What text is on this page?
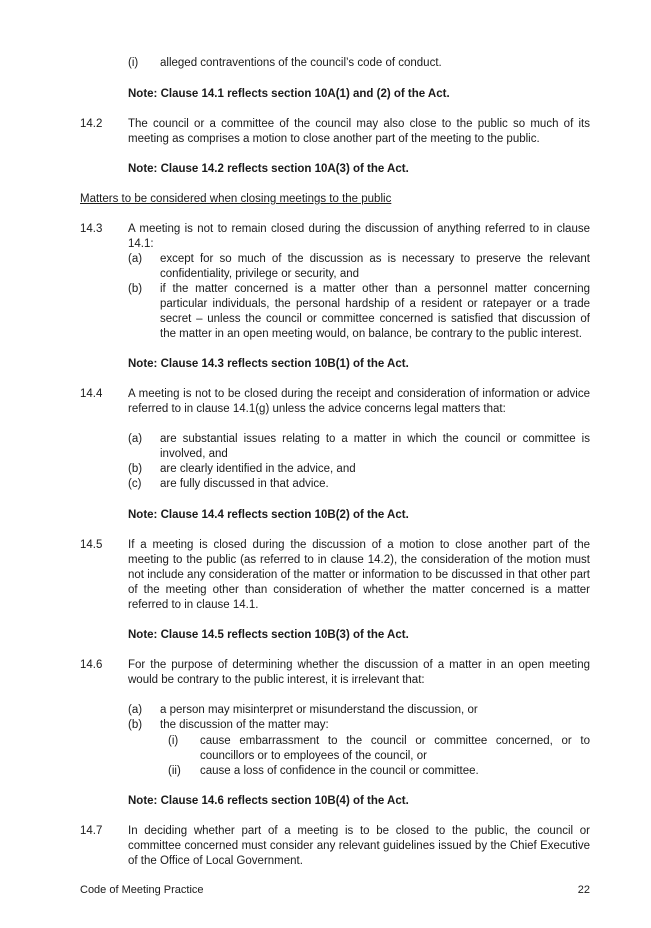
(i) alleged contraventions of the council’s code of conduct.
Note: Clause 14.1 reflects section 10A(1) and (2) of the Act.
14.2 The council or a committee of the council may also close to the public so much of its meeting as comprises a motion to close another part of the meeting to the public.
Note: Clause 14.2 reflects section 10A(3) of the Act.
Matters to be considered when closing meetings to the public
14.3 A meeting is not to remain closed during the discussion of anything referred to in clause 14.1:
(a) except for so much of the discussion as is necessary to preserve the relevant confidentiality, privilege or security, and
(b) if the matter concerned is a matter other than a personnel matter concerning particular individuals, the personal hardship of a resident or ratepayer or a trade secret – unless the council or committee concerned is satisfied that discussion of the matter in an open meeting would, on balance, be contrary to the public interest.
Note: Clause 14.3 reflects section 10B(1) of the Act.
14.4 A meeting is not to be closed during the receipt and consideration of information or advice referred to in clause 14.1(g) unless the advice concerns legal matters that:
(a) are substantial issues relating to a matter in which the council or committee is involved, and
(b) are clearly identified in the advice, and
(c) are fully discussed in that advice.
Note: Clause 14.4 reflects section 10B(2) of the Act.
14.5 If a meeting is closed during the discussion of a motion to close another part of the meeting to the public (as referred to in clause 14.2), the consideration of the motion must not include any consideration of the matter or information to be discussed in that other part of the meeting other than consideration of whether the matter concerned is a matter referred to in clause 14.1.
Note: Clause 14.5 reflects section 10B(3) of the Act.
14.6 For the purpose of determining whether the discussion of a matter in an open meeting would be contrary to the public interest, it is irrelevant that:
(a) a person may misinterpret or misunderstand the discussion, or
(b) the discussion of the matter may:
(i) cause embarrassment to the council or committee concerned, or to councillors or to employees of the council, or
(ii) cause a loss of confidence in the council or committee.
Note: Clause 14.6 reflects section 10B(4) of the Act.
14.7 In deciding whether part of a meeting is to be closed to the public, the council or committee concerned must consider any relevant guidelines issued by the Chief Executive of the Office of Local Government.
Code of Meeting Practice	22
